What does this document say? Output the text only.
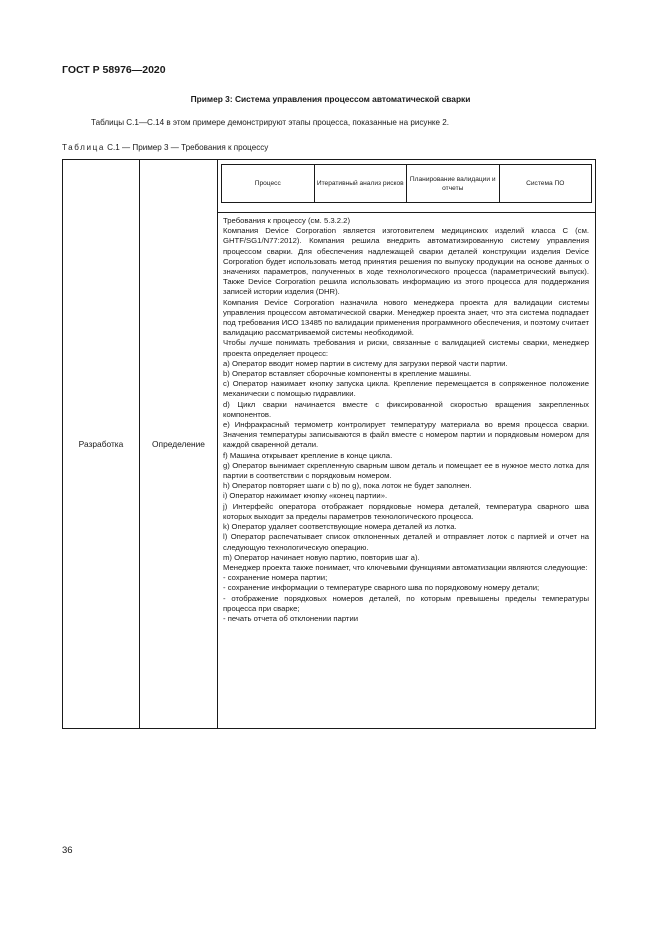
ГОСТ Р 58976—2020
Пример 3: Система управления процессом автоматической сварки
Таблицы С.1—С.14 в этом примере демонстрируют этапы процесса, показанные на рисунке 2.
Таблица С.1 — Пример 3 — Требования к процессу
Разработка	Определение	
Процесс	Итеративный анализ рисков	Планирование валидации и отчеты	Система ПО

Требования к процессу (см. 5.3.2.2)

Компания Device Corporation является изготовителем медицинских изделий класса С (см. GHTF/SG1/N77:2012). Компания решила внедрить автоматизированную систему управления процессом сварки. Для обеспечения надлежащей сварки деталей конструкции изделия Device Corporation будет использовать метод принятия решения по выпуску продукции на основе данных о значениях параметров, полученных в ходе технологического процесса (параметрический выпуск). Также Device Corporation решила использовать информацию из этого процесса для поддержания записей истории изделия (DHR).

Компания Device Corporation назначила нового менеджера проекта для валидации системы управления процессом автоматической сварки. Менеджер проекта знает, что эта система подпадает под требования ИСО 13485 по валидации применения программного обеспечения, и поэтому считает валидацию рассматриваемой системы необходимой.

Чтобы лучше понимать требования и риски, связанные с валидацией системы сварки, менеджер проекта определяет процесс:

a) Оператор вводит номер партии в систему для загрузки первой части партии.

b) Оператор вставляет сборочные компоненты в крепление машины.

c) Оператор нажимает кнопку запуска цикла. Крепление перемещается в сопряженное положение механически с помощью гидравлики.

d) Цикл сварки начинается вместе с фиксированной скоростью вращения закрепленных компонентов.

e) Инфракрасный термометр контролирует температуру материала во время процесса сварки. Значения температуры записываются в файл вместе с номером партии и порядковым номером для каждой сваренной детали.

f) Машина открывает крепление в конце цикла.

g) Оператор вынимает скрепленную сварным швом деталь и помещает ее в нужное место лотка для партии в соответствии с порядковым номером.

h) Оператор повторяет шаги с b) по g), пока лоток не будет заполнен.

i) Оператор нажимает кнопку «конец партии».

j) Интерфейс оператора отображает порядковые номера деталей, температура сварного шва которых выходит за пределы параметров технологического процесса.

k) Оператор удаляет соответствующие номера деталей из лотка.

l) Оператор распечатывает список отклоненных деталей и отправляет лоток с партией и отчет на следующую технологическую операцию.

m) Оператор начинает новую партию, повторив шаг a).

Менеджер проекта также понимает, что ключевыми функциями автоматизации являются следующие:

- сохранение номера партии;

- сохранение информации о температуре сварного шва по порядковому номеру детали;

- отображение порядковых номеров деталей, по которым превышены пределы температуры процесса при сварке;

- печать отчета об отклонении партии

36
